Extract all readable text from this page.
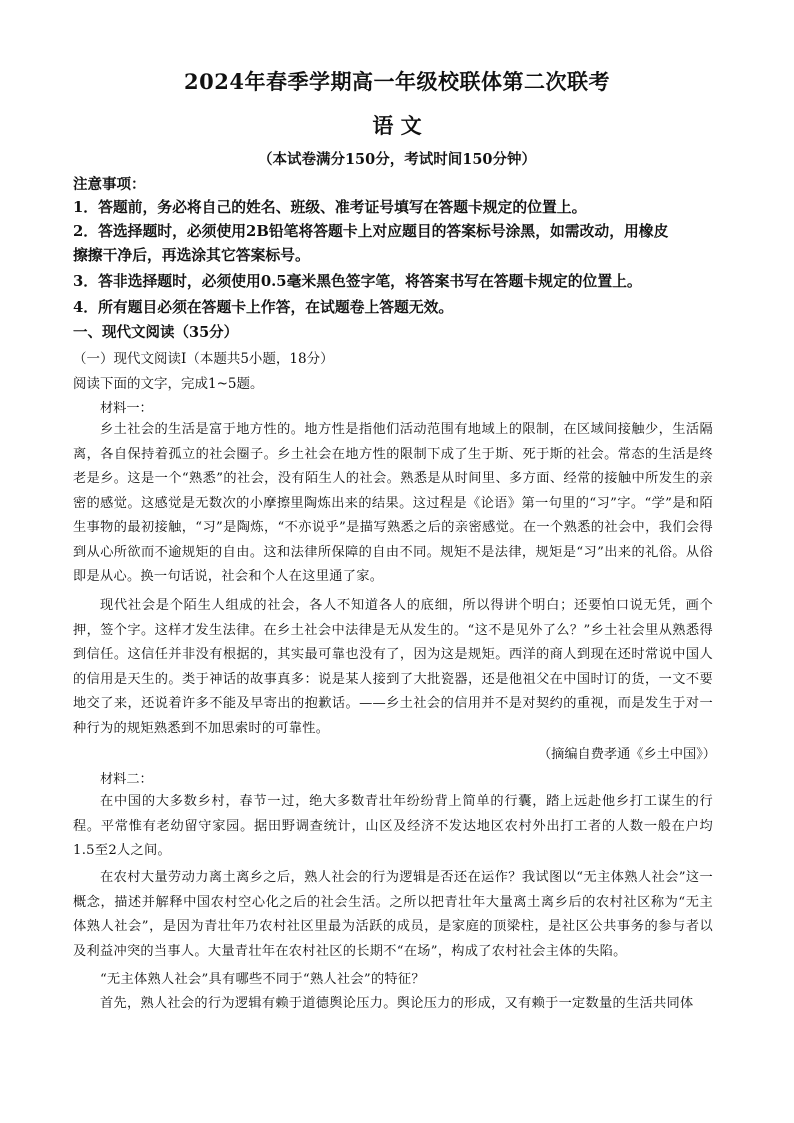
2024年春季学期高一年级校联体第二次联考
语 文
（本试卷满分150分，考试时间150分钟）
注意事项：
1．答题前，务必将自己的姓名、班级、准考证号填写在答题卡规定的位置上。
2．答选择题时，必须使用2B铅笔将答题卡上对应题目的答案标号涂黑，如需改动，用橡皮
擦擦干净后，再选涂其它答案标号。
3．答非选择题时，必须使用0.5毫米黑色签字笔，将答案书写在答题卡规定的位置上。
4．所有题目必须在答题卡上作答，在试题卷上答题无效。
一、现代文阅读（35分）
（一）现代文阅读Ⅰ（本题共5小题，18分）
阅读下面的文字，完成1~5题。
材料一：

乡土社会的生活是富于地方性的。地方性是指他们活动范围有地域上的限制，在区域间接触少，生活隔离，各自保持着孤立的社会圈子。乡土社会在地方性的限制下成了生于斯、死于斯的社会。常态的生活是终老是乡。这是一个“熟悉”的社会，没有陌生人的社会。熟悉是从时间里、多方面、经常的接触中所发生的亲密的感觉。这感觉是无数次的小摩擦里陶炼出来的结果。这过程是《论语》第一句里的“习”字。“学”是和陌生事物的最初接触，“习”是陶炼，“不亦说乎”是描写熟悉之后的亲密感觉。在一个熟悉的社会中，我们会得到从心所欲而不逾规矩的自由。这和法律所保障的自由不同。规矩不是法律，规矩是“习”出来的礼俗。从俗即是从心。换一句话说，社会和个人在这里通了家。

现代社会是个陌生人组成的社会，各人不知道各人的底细，所以得讲个明白；还要怕口说无凭，画个押，签个字。这样才发生法律。在乡土社会中法律是无从发生的。“这不是见外了么？”乡土社会里从熟悉得到信任。这信任并非没有根据的，其实最可靠也没有了，因为这是规矩。西洋的商人到现在还时常说中国人的信用是天生的。类于神话的故事真多：说是某人接到了大批瓷器，还是他祖父在中国时订的货，一文不要地交了来，还说着许多不能及早寄出的抱歉话。——乡土社会的信用并不是对契约的重视，而是发生于对一种行为的规矩熟悉到不加思索时的可靠性。

（摘编自费孝通《乡土中国》）
材料二：

在中国的大多数乡村，春节一过，绝大多数青壮年纷纷背上简单的行囊，踏上远赴他乡打工谋生的行程。平常惟有老幼留守家园。据田野调查统计，山区及经济不发达地区农村外出打工者的人数一般在户均1.5至2人之间。

在农村大量劳动力离土离乡之后，熟人社会的行为逻辑是否还在运作？我试图以“无主体熟人社会”这一概念，描述并解释中国农村空心化之后的社会生活。之所以把青壮年大量离土离乡后的农村社区称为“无主体熟人社会”，是因为青壮年乃农村社区里最为活跃的成员，是家庭的顶梁柱，是社区公共事务的参与者以及利益冲突的当事人。大量青壮年在农村社区的长期不“在场”，构成了农村社会主体的失陷。

“无主体熟人社会”具有哪些不同于“熟人社会”的特征？

首先，熟人社会的行为逻辑有赖于道德舆论压力。舆论压力的形成，又有赖于一定数量的生活共同体
